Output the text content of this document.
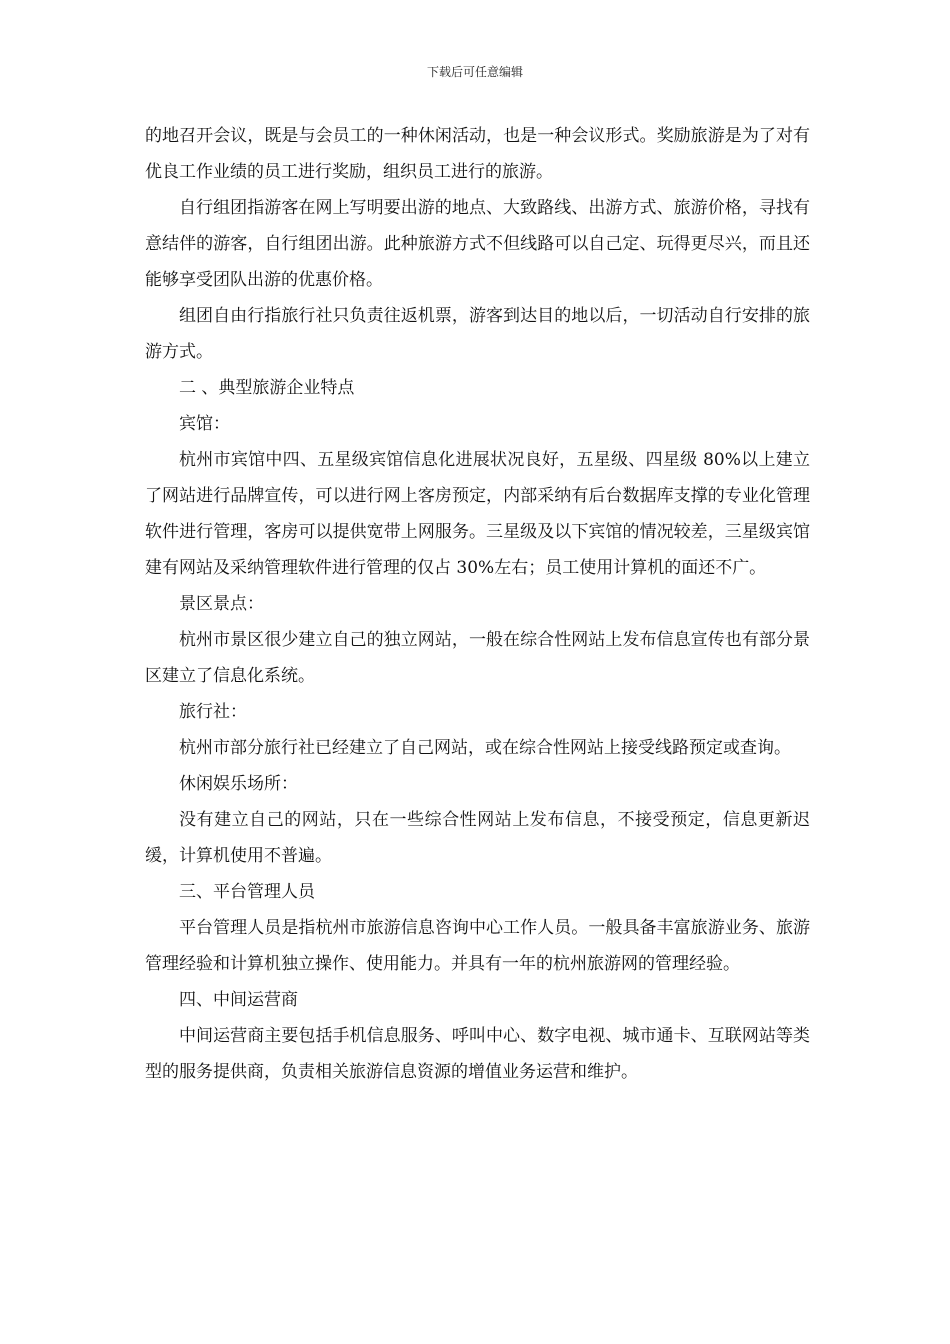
下载后可任意编辑

的地召开会议，既是与会员工的一种休闲活动，也是一种会议形式。奖励旅游是为了对有优良工作业绩的员工进行奖励，组织员工进行的旅游。

自行组团指游客在网上写明要出游的地点、大致路线、出游方式、旅游价格，寻找有意结伴的游客，自行组团出游。此种旅游方式不但线路可以自己定、玩得更尽兴，而且还能够享受团队出游的优惠价格。

组团自由行指旅行社只负责往返机票，游客到达目的地以后，一切活动自行安排的旅游方式。

二 、典型旅游企业特点

宾馆：

杭州市宾馆中四、五星级宾馆信息化进展状况良好，五星级、四星级 80%以上建立了网站进行品牌宣传，可以进行网上客房预定，内部采纳有后台数据库支撑的专业化管理软件进行管理，客房可以提供宽带上网服务。三星级及以下宾馆的情况较差，三星级宾馆建有网站及采纳管理软件进行管理的仅占 30%左右；员工使用计算机的面还不广。

景区景点：

杭州市景区很少建立自己的独立网站，一般在综合性网站上发布信息宣传也有部分景区建立了信息化系统。

旅行社：

杭州市部分旅行社已经建立了自己网站，或在综合性网站上接受线路预定或查询。

休闲娱乐场所：

没有建立自己的网站，只在一些综合性网站上发布信息，不接受预定，信息更新迟缓，计算机使用不普遍。

三、平台管理人员

平台管理人员是指杭州市旅游信息咨询中心工作人员。一般具备丰富旅游业务、旅游管理经验和计算机独立操作、使用能力。并具有一年的杭州旅游网的管理经验。

四、中间运营商

中间运营商主要包括手机信息服务、呼叫中心、数字电视、城市通卡、互联网站等类型的服务提供商，负责相关旅游信息资源的增值业务运营和维护。
